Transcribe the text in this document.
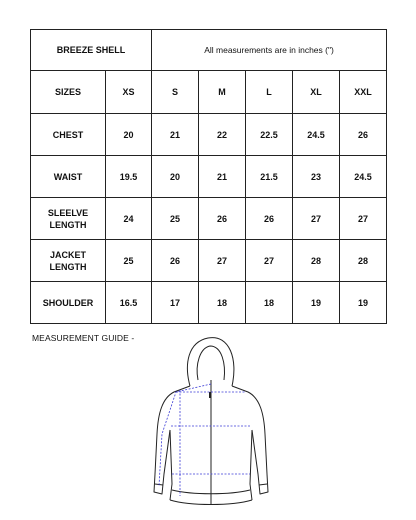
BREEZE SHELL		All measurements are in inches (")				
SIZES	XS	S	M	L	XL	XXL
CHEST	20	21	22	22.5	24.5	26
WAIST	19.5	20	21	21.5	23	24.5
SLEELVE
LENGTH	24	25	26	26	27	27
JACKET
LENGTH	25	26	27	27	28	28
SHOULDER	16.5	17	18	18	19	19
MEASUREMENT GUIDE -
